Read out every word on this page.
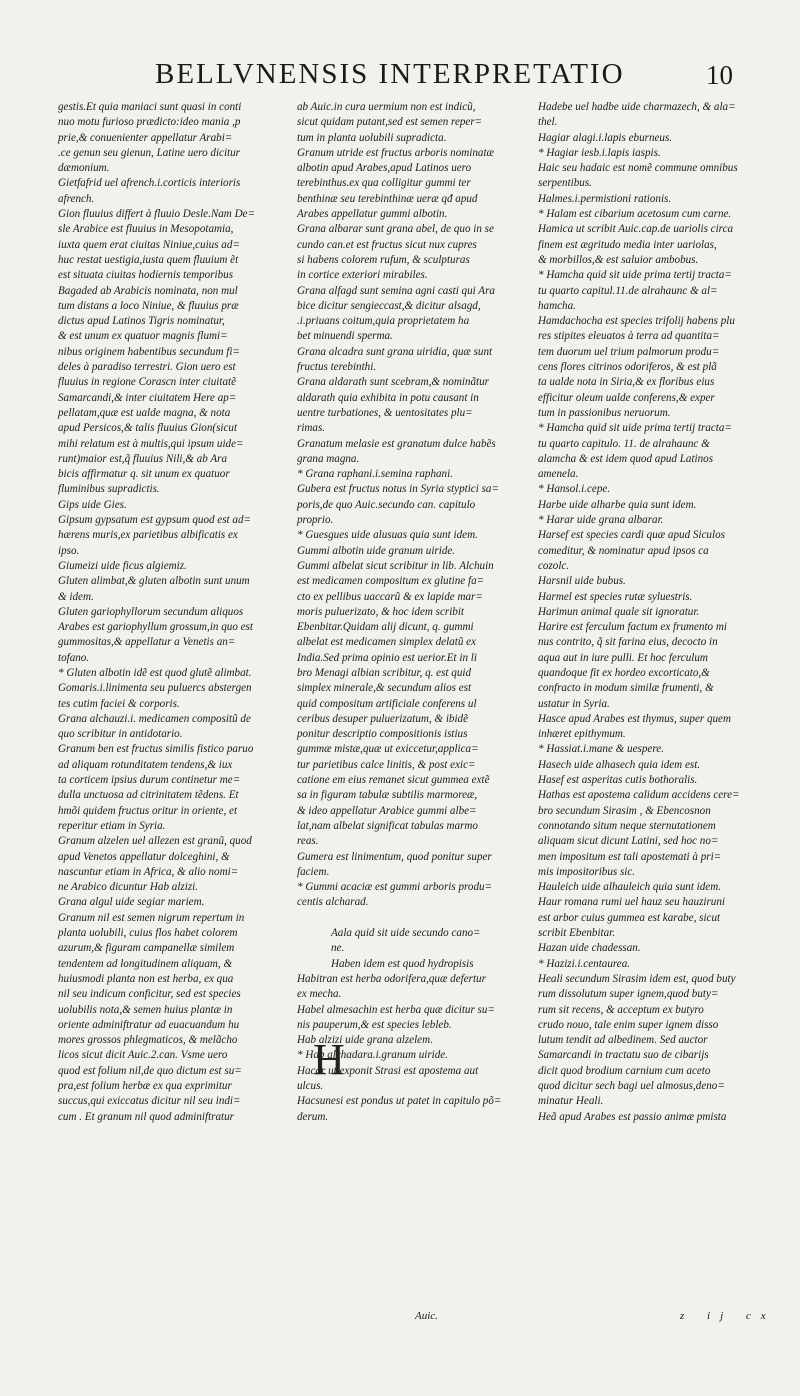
BELLVNENSIS INTERPRETATIO	10
gestis.Et quia maniaci sunt quasi in conti
nuo motu furioso prædicto:ideo mania ,p
prie,& conuenienter appellatur Arabi=
.ce genun seu gienun, Latine uero dicitur
dæmonium.
Gietfafrid uel afrench.i.corticis interioris
afrench.
Gion fluuius differt à fluuio Desle.Nam De=
sle Arabice est fluuius in Mesopotamia,
iuxta quem erat ciuitas Niniue,cuius ad=
huc restat uestigia,iusta quem fluuium ẽt
est situata ciuitas hodiernis temporibus
Bagaded ab Arabicis nominata, non mul
tum distans a loco Niniue, & fluuius præ
dictus apud Latinos Tigris nominatur,
& est unum ex quatuor magnis flumi=
nibus originem habentibus secundum fi=
deles à paradiso terrestri. Gion uero est
fluuius in regione Corascn inter ciuitatẽ
Samarcandi,& inter ciuitatem Here ap=
pellatam,quæ est ualde magna, & nota
apud Persicos,& talis fluuius Gion(sicut
mihi relatum est à multis,qui ipsum uide=
runt)maior est,q̃ fluuius Nili,& ab Ara
bicis affirmatur q. sit unum ex quatuor
fluminibus supradictis.
Gips uide Gies.
Gipsum gypsatum est gypsum quod est ad=
hærens muris,ex parietibus albificatis ex
ipso.
Giumeizi uide ficus algiemiz.
Gluten alimbat,& gluten albotin sunt unum
& idem.
Gluten gariophyllorum secundum aliquos
Arabes est gariophyllum grossum,in quo est
gummositas,& appellatur a Venetis an=
tofano.
* Gluten albotin idẽ est quod glutẽ alimbat.
Gomaris.i.linimenta seu puluercs abstergen
tes cutim faciei & corporis.
Grana alchauzi.i. medicamen compositũ de
quo scribitur in antidotario.
Granum ben est fructus similis fistico paruo
ad aliquam rotunditatem tendens,& iux
ta corticem ipsius durum continetur me=
dulla unctuosa ad citrinitatem tẽdens. Et
hmõi quidem fructus oritur in oriente, et
reperitur etiam in Syria.
Granum alzelen uel allezen est granũ, quod
apud Venetos appellatur dolceghini, &
nascuntur etiam in Africa, & alio nomi=
ne Arabico dicuntur Hab alzizi.
Grana algul uide segiar mariem.
Granum nil est semen nigrum repertum in
planta uolubili, cuius flos habet colorem
azurum,& figuram campanellæ similem
tendentem ad longitudinem aliquam, &
huiusmodi planta non est herba, ex qua
nil seu indicum conficitur, sed est species
uolubilis nota,& semen huius plantæ in
oriente adminiftratur ad euacuandum hu
mores grossos phlegmaticos, & melãcho
licos sicut dicit Auic.2.can. Vsme uero
quod est folium nil,de quo dictum est su=
pra,est folium herbæ ex qua exprimitur
succus,qui exiccatus dicitur nil seu indi=
cum . Et granum nil quod adminiftratur
ab Auic.in cura uermium non est indicũ,
sicut quidam putant,sed est semen reper=
tum in planta uolubili supradicta.
Granum utride est fructus arboris nominatæ
albotin apud Arabes,apud Latinos uero
terebinthus.ex qua colligitur gummi ter
benthinæ seu terebinthinæ ueræ qđ apud
Arabes appellatur gummi albotin.
Grana albarar sunt grana abel, de quo in se
cundo can.et est fructus sicut nux cupres
si habens colorem rufum, & sculpturas
in cortice exteriori mirabiles.
Grana alfagd sunt semina agni casti qui Ara
bice dicitur sengieccast,& dicitur alsagd,
.i.priuans coitum,quia proprietatem ha
bet minuendi sperma.
Grana alcadra sunt grana uiridia, quæ sunt
fructus terebinthi.
Grana aldarath sunt scebram,& nominãtur
aldarath quia exhibita in potu causant in
uentre turbationes, & uentositates plu=
rimas.
Granatum melasie est granatum dulce habẽs
grana magna.
* Grana raphani.i.semina raphani.
Gubera est fructus notus in Syria styptici sa=
poris,de quo Auic.secundo can. capitulo
proprio.
* Guesgues uide alusuas quia sunt idem.
Gummi albotin uide granum uiride.
Gummi albelat sicut scribitur in lib. Alchuin
est medicamen compositum ex glutine fa=
cto ex pellibus uaccarũ & ex lapide mar=
moris puluerizato, & hoc idem scribit
Ebenbitar.Quidam alij dicunt, q. gummi
albelat est medicamen simplex delatũ ex
India.Sed prima opinio est uerior.Et in li
bro Menagi albian scribitur, q. est quid
simplex minerale,& secundum alios est
quid compositum artificiale conferens ul
ceribus desuper puluerizatum, & ibidẽ
ponitur descriptio compositionis istius
gummæ mistæ,quæ ut exiccetur,applica=
tur parietibus calce linitis, & post exic=
catione em eius remanet sicut gummea extẽ
sa in figuram tabulæ subtilis marmoreæ,
& ideo appellatur Arabice gummi albe=
lat,nam albelat significat tabulas marmo
reas.
Gumera est linimentum, quod ponitur super
faciem.
* Gummi acaciæ est gummi arboris produ=
centis alcharad.
Aala quid sit uide secundo cano=
ne.
Haben idem est quod hydropisis
Habitran est herba odorifera,quæ defertur
ex mecha.
Habel almesachin est herba quæ dicitur su=
nis pauperum,& est species lebleb.
Hab alzizi uide grana alzelem.
* Hab alchadara.i.granum uiride.
Hacar ut exponit Strasi est apostema aut
ulcus.
Hacsunesi est pondus ut patet in capitulo põ=
derum.
Hadebe uel hadbe uide charmazech, & ala=
thel.
Hagiar alagi.i.lapis eburneus.
* Hagiar iesb.i.lapis iaspis.
Haic seu hadaic est nomẽ commune omnibus
serpentibus.
Halmes.i.permistioni rationis.
* Halam est cibarium acetosum cum carne.
Hamica ut scribit Auic.cap.de uariolis circa
finem est ægritudo media inter uariolas,
& morbillos,& est saluior ambobus.
* Hamcha quid sit uide prima tertij tracta=
tu quarto capitul.11.de alrahaunc & al=
hamcha.
Hamdachocha est species trifolij habens plu
res stipites eleuatos à terra ad quantita=
tem duorum uel trium palmorum produ=
cens flores citrinos odoriferos, & est plã
ta ualde nota in Siria,& ex floribus eius
efficitur oleum ualde conferens,& exper
tum in passionibus neruorum.
* Hamcha quid sit uide prima tertij tracta=
tu quarto capitulo. 11. de alrahaunc &
alamcha & est idem quod apud Latinos
amenela.
* Hansol.i.cepe.
Harbe uide alharbe quia sunt idem.
* Harar uide grana albarar.
Harsef est species cardi quæ apud Siculos
comeditur, & nominatur apud ipsos ca
cozolc.
Harsnil uide bubus.
Harmel est species rutæ syluestris.
Harimun animal quale sit ignoratur.
Harire est ferculum factum ex frumento mi
nus contrito, q̃ sit farina eius, decocto in
aqua aut in iure pulli. Et hoc ferculum
quandoque fit ex hordeo excorticato,&
confracto in modum similæ frumenti, &
ustatur in Syria.
Hasce apud Arabes est thymus, super quem
inhæret epithymum.
* Hassiat.i.mane & uespere.
Hasech uide alhasech quia idem est.
Hasef est asperitas cutis bothoralis.
Hathas est apostema calidum accidens cere=
bro secundum Sirasim , & Ebencosnon
connotando situm neque sternutationem
aliquam sicut dicunt Latini, sed hoc no=
men impositum est tali apostemati à pri=
mis impositoribus sic.
Hauleich uide alhauleich quia sunt idem.
Haur romana rumi uel hauz seu hauziruni
est arbor cuius gummea est karabe, sicut
scribit Ebenbitar.
Hazan uide chadessan.
* Hazizi.i.centaurea.
Heali secundum Sirasim idem est, quod buty
rum dissolutum super ignem,quod buty=
rum sit recens, & acceptum ex butyro
crudo nouo, tale enim super ignem disso
lutum tendit ad albedinem. Sed auctor
Samarcandi in tractatu suo de cibarijs
dicit quod brodium carnium cum aceto
quod dicitur sech bagi uel almosus,deno=
minatur Heali.
Heã apud Arabes est passio animæ pmista
H
Auic.	z ij cx
